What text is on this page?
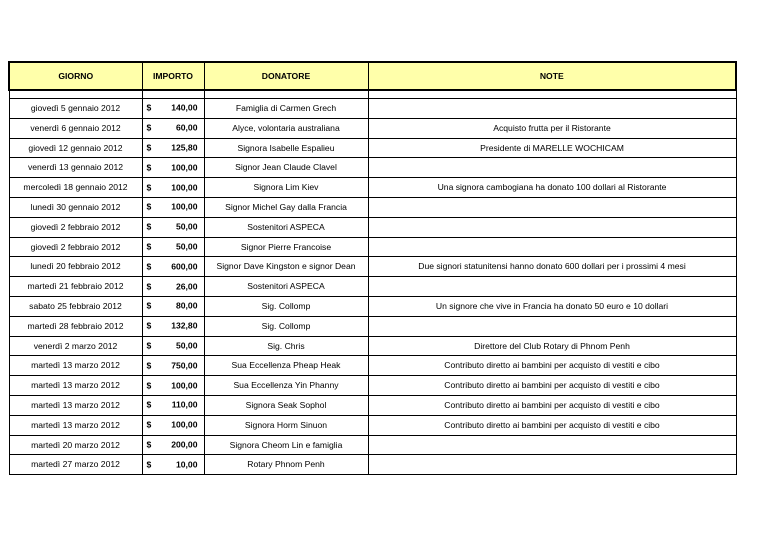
GIORNO	IMPORTO	DONATORE	NOTE

giovedì 5 gennaio 2012	$ 140,00	Famiglia di Carmen Grech	
venerdì 6 gennaio 2012	$ 60,00	Alyce, volontaria australiana	Acquisto frutta per il Ristorante
giovedì 12 gennaio 2012	$ 125,80	Signora Isabelle Espalieu	Presidente di MARELLE WOCHICAM
venerdì 13 gennaio 2012	$ 100,00	Signor Jean Claude Clavel	
mercoledì 18 gennaio 2012	$ 100,00	Signora Lim Kiev	Una signora cambogiana ha donato 100 dollari al Ristorante
lunedì 30 gennaio 2012	$ 100,00	Signor Michel Gay dalla Francia	
giovedì 2 febbraio 2012	$ 50,00	Sostenitori ASPECA	
giovedì 2 febbraio 2012	$ 50,00	Signor Pierre Francoise	
lunedì 20 febbraio 2012	$ 600,00	Signor Dave Kingston e signor Dean	Due signori statunitensi hanno donato 600 dollari per i prossimi 4 mesi
martedì 21 febbraio 2012	$ 26,00	Sostenitori ASPECA	
sabato 25 febbraio 2012	$ 80,00	Sig. Collomp	Un signore che vive in Francia ha donato 50 euro e 10 dollari
martedì 28 febbraio 2012	$ 132,80	Sig. Collomp	
venerdì 2 marzo 2012	$ 50,00	Sig. Chris	Direttore del Club Rotary di Phnom Penh
martedì 13 marzo 2012	$ 750,00	Sua Eccellenza Pheap Heak	Contributo diretto ai bambini per acquisto di vestiti e cibo
martedì 13 marzo 2012	$ 100,00	Sua Eccellenza Yin Phanny	Contributo diretto ai bambini per acquisto di vestiti e cibo
martedì 13 marzo 2012	$ 110,00	Signora Seak Sophol	Contributo diretto ai bambini per acquisto di vestiti e cibo
martedì 13 marzo 2012	$ 100,00	Signora Horm Sinuon	Contributo diretto ai bambini per acquisto di vestiti e cibo
martedì 20 marzo 2012	$ 200,00	Signora Cheom Lin e famiglia	
martedì 27 marzo 2012	$ 10,00	Rotary Phnom Penh	
